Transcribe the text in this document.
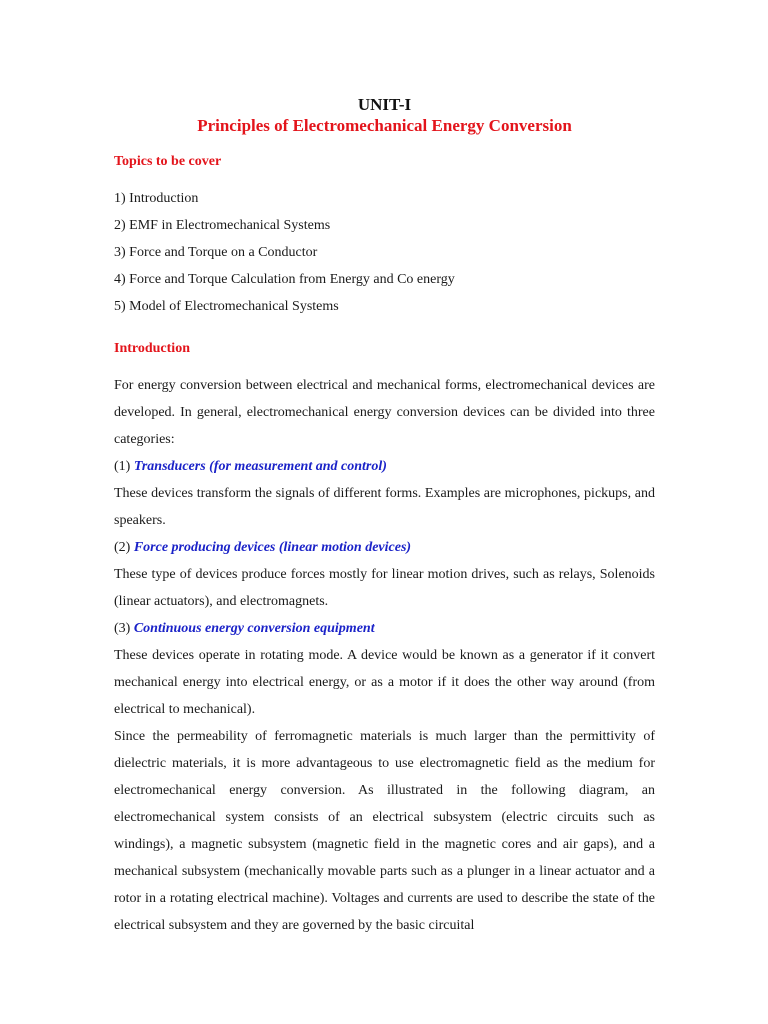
UNIT-I
Principles of Electromechanical Energy Conversion
Topics to be cover
1) Introduction
2) EMF in Electromechanical Systems
3) Force and Torque on a Conductor
4) Force and Torque Calculation from Energy and Co energy
5) Model of Electromechanical Systems
Introduction

For energy conversion between electrical and mechanical forms, electromechanical devices are developed. In general, electromechanical energy conversion devices can be divided into three categories:

(1) Transducers (for measurement and control)

These devices transform the signals of different forms. Examples are microphones, pickups, and speakers.

(2) Force producing devices (linear motion devices)

These type of devices produce forces mostly for linear motion drives, such as relays, Solenoids (linear actuators), and electromagnets.

(3) Continuous energy conversion equipment

These devices operate in rotating mode. A device would be known as a generator if it convert mechanical energy into electrical energy, or as a motor if it does the other way around (from electrical to mechanical).

Since the permeability of ferromagnetic materials is much larger than the permittivity of dielectric materials, it is more advantageous to use electromagnetic field as the medium for electromechanical energy conversion. As illustrated in the following diagram, an electromechanical system consists of an electrical subsystem (electric circuits such as windings), a magnetic subsystem (magnetic field in the magnetic cores and air gaps), and a mechanical subsystem (mechanically movable parts such as a plunger in a linear actuator and a rotor in a rotating electrical machine). Voltages and currents are used to describe the state of the electrical subsystem and they are governed by the basic circuital
